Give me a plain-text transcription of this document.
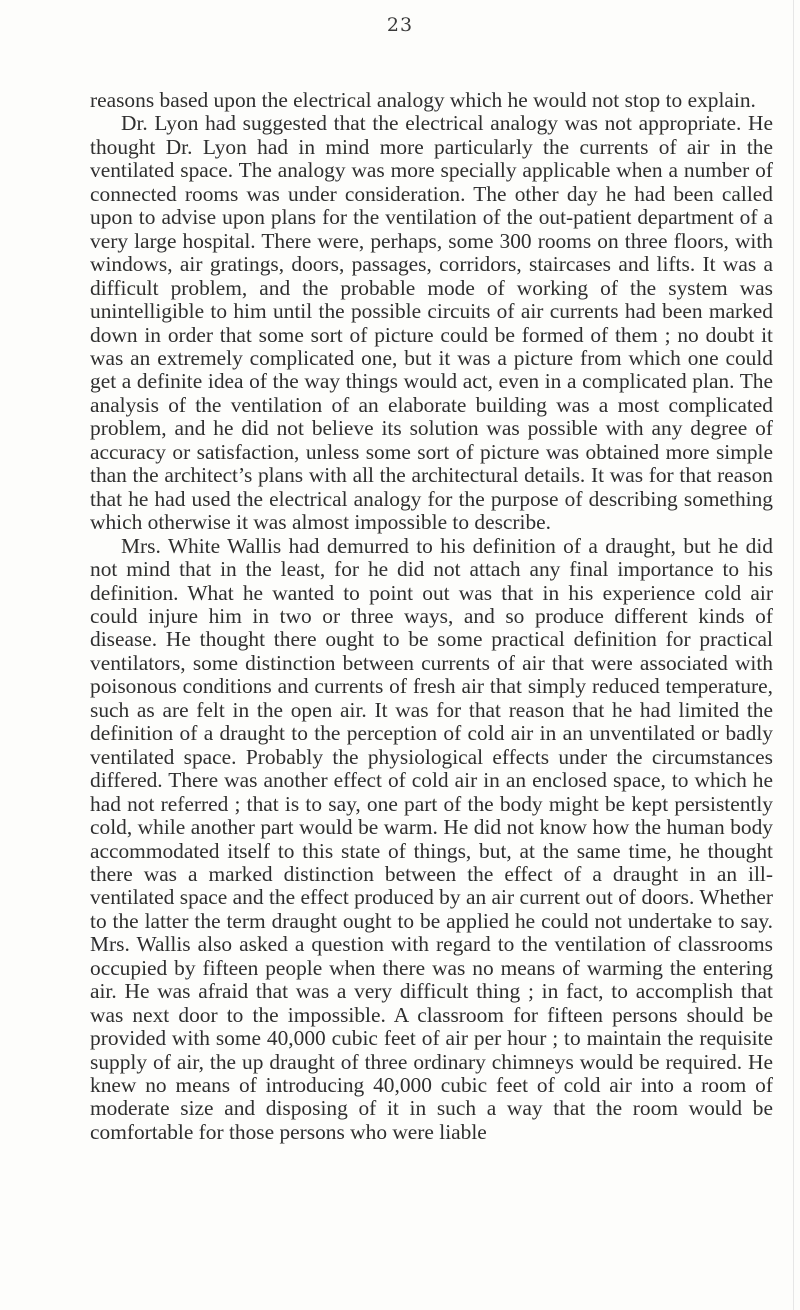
23

reasons based upon the electrical analogy which he would not stop to explain.

Dr. Lyon had suggested that the electrical analogy was not appropriate. He thought Dr. Lyon had in mind more particularly the currents of air in the ventilated space. The analogy was more specially applicable when a number of connected rooms was under consideration. The other day he had been called upon to advise upon plans for the ventilation of the out-patient department of a very large hospital. There were, perhaps, some 300 rooms on three floors, with windows, air gratings, doors, passages, corridors, staircases and lifts. It was a difficult problem, and the probable mode of working of the system was unintelligible to him until the possible circuits of air currents had been marked down in order that some sort of picture could be formed of them ; no doubt it was an extremely complicated one, but it was a picture from which one could get a definite idea of the way things would act, even in a complicated plan. The analysis of the ventilation of an elaborate building was a most complicated problem, and he did not believe its solution was possible with any degree of accuracy or satisfaction, unless some sort of picture was obtained more simple than the architect’s plans with all the architectural details. It was for that reason that he had used the electrical analogy for the purpose of describing something which otherwise it was almost impossible to describe.

Mrs. White Wallis had demurred to his definition of a draught, but he did not mind that in the least, for he did not attach any final importance to his definition. What he wanted to point out was that in his experience cold air could injure him in two or three ways, and so produce different kinds of disease. He thought there ought to be some practical definition for practical ventilators, some distinction between currents of air that were associated with poisonous conditions and currents of fresh air that simply reduced temperature, such as are felt in the open air. It was for that reason that he had limited the definition of a draught to the perception of cold air in an unventilated or badly ventilated space. Probably the physiological effects under the circumstances differed. There was another effect of cold air in an enclosed space, to which he had not referred ; that is to say, one part of the body might be kept persistently cold, while another part would be warm. He did not know how the human body accommodated itself to this state of things, but, at the same time, he thought there was a marked distinction between the effect of a draught in an ill-ventilated space and the effect produced by an air current out of doors. Whether to the latter the term draught ought to be applied he could not undertake to say. Mrs. Wallis also asked a question with regard to the ventilation of classrooms occupied by fifteen people when there was no means of warming the entering air. He was afraid that was a very difficult thing ; in fact, to accomplish that was next door to the impossible. A classroom for fifteen persons should be provided with some 40,000 cubic feet of air per hour ; to maintain the requisite supply of air, the up draught of three ordinary chimneys would be required. He knew no means of introducing 40,000 cubic feet of cold air into a room of moderate size and disposing of it in such a way that the room would be comfortable for those persons who were liable
